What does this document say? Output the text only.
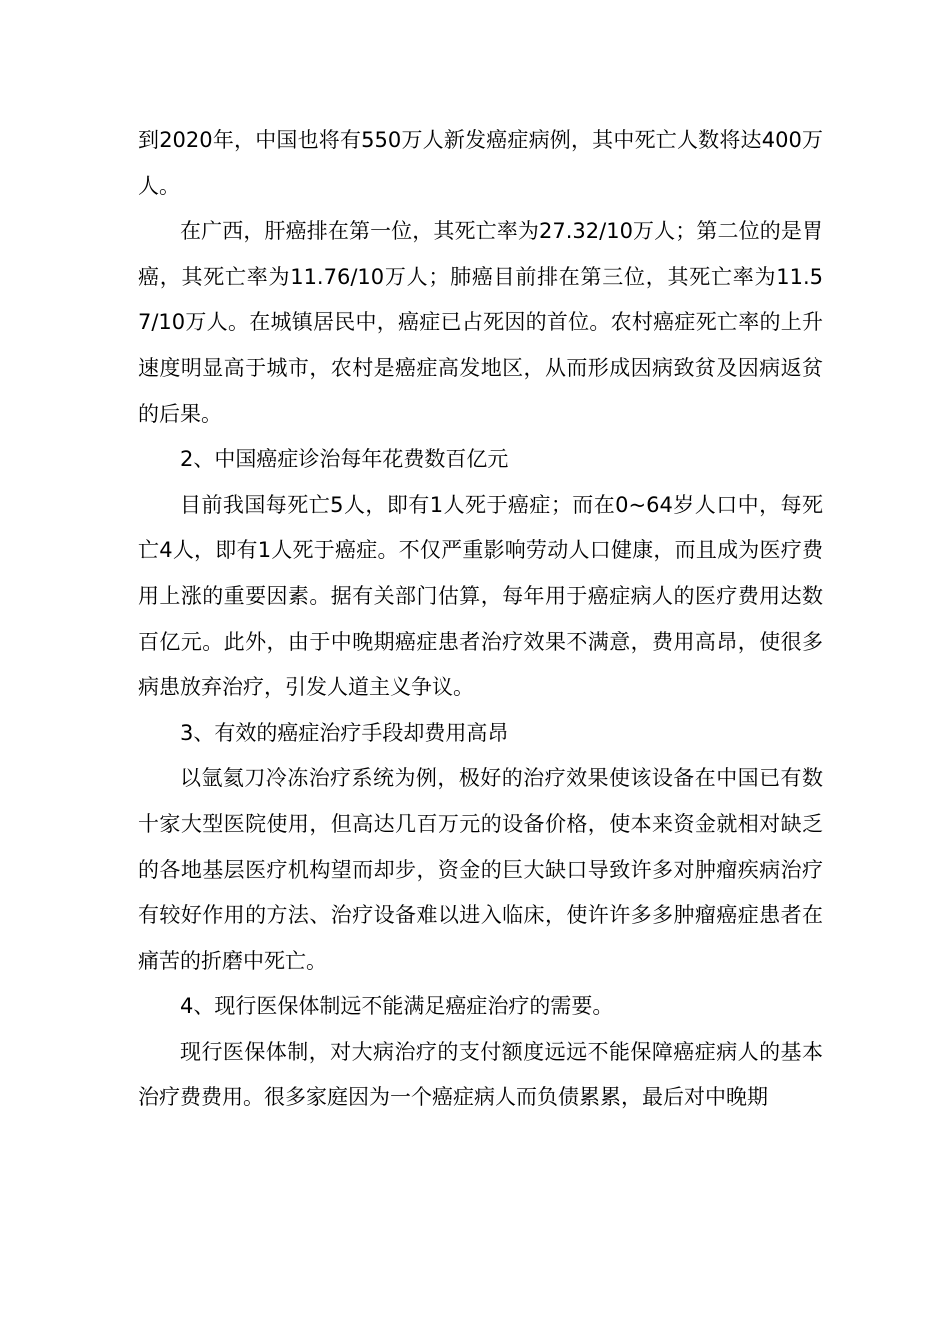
到2020年，中国也将有550万人新发癌症病例，其中死亡人数将达400万人。

在广西，肝癌排在第一位，其死亡率为27.32/10万人；第二位的是胃癌，其死亡率为11.76/10万人；肺癌目前排在第三位，其死亡率为11.57/10万人。在城镇居民中，癌症已占死因的首位。农村癌症死亡率的上升速度明显高于城市，农村是癌症高发地区，从而形成因病致贫及因病返贫的后果。

2、中国癌症诊治每年花费数百亿元

目前我国每死亡5人，即有1人死于癌症；而在0~64岁人口中，每死亡4人，即有1人死于癌症。不仅严重影响劳动人口健康，而且成为医疗费用上涨的重要因素。据有关部门估算，每年用于癌症病人的医疗费用达数百亿元。此外，由于中晚期癌症患者治疗效果不满意，费用高昂，使很多病患放弃治疗，引发人道主义争议。

3、有效的癌症治疗手段却费用高昂

以氩氦刀冷冻治疗系统为例，极好的治疗效果使该设备在中国已有数十家大型医院使用，但高达几百万元的设备价格，使本来资金就相对缺乏的各地基层医疗机构望而却步，资金的巨大缺口导致许多对肿瘤疾病治疗有较好作用的方法、治疗设备难以进入临床，使许许多多肿瘤癌症患者在痛苦的折磨中死亡。

4、现行医保体制远不能满足癌症治疗的需要。

现行医保体制，对大病治疗的支付额度远远不能保障癌症病人的基本治疗费费用。很多家庭因为一个癌症病人而负债累累，最后对中晚期
